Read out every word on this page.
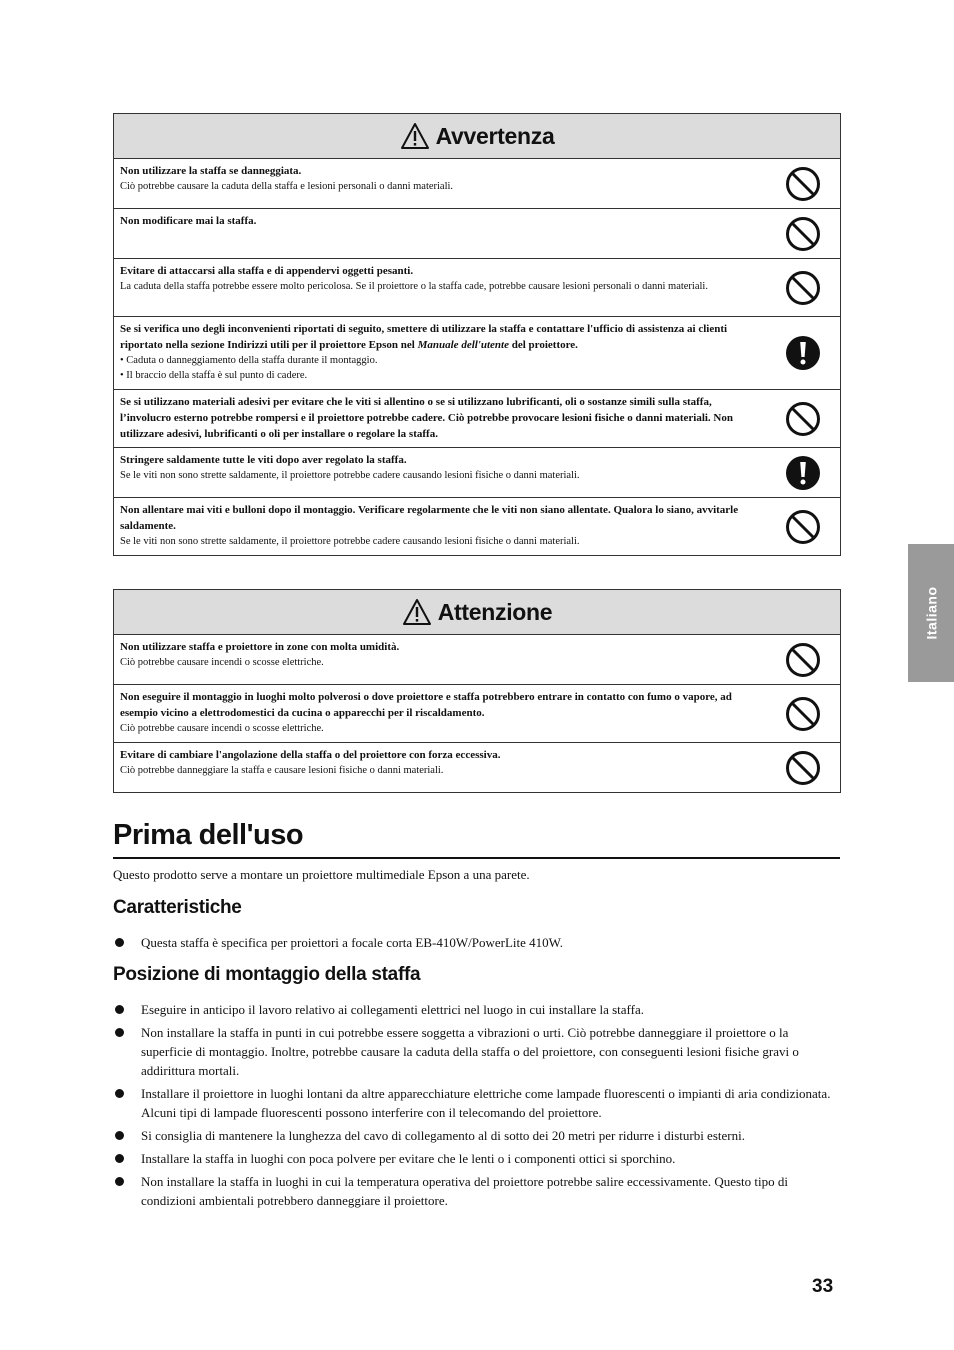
Avvertenza
Non utilizzare la staffa se danneggiata.
Ciò potrebbe causare la caduta della staffa e lesioni personali o danni materiali.
Non modificare mai la staffa.
Evitare di attaccarsi alla staffa e di appendervi oggetti pesanti.
La caduta della staffa potrebbe essere molto pericolosa. Se il proiettore o la staffa cade, potrebbe causare lesioni personali o danni materiali.
Se si verifica uno degli inconvenienti riportati di seguito, smettere di utilizzare la staffa e contattare l'ufficio di assistenza ai clienti riportato nella sezione Indirizzi utili per il proiettore Epson nel Manuale dell'utente del proiettore.
• Caduta o danneggiamento della staffa durante il montaggio.
• Il braccio della staffa è sul punto di cadere.
Se si utilizzano materiali adesivi per evitare che le viti si allentino o se si utilizzano lubrificanti, oli o sostanze simili sulla staffa, l’involucro esterno potrebbe rompersi e il proiettore potrebbe cadere. Ciò potrebbe provocare lesioni fisiche o danni materiali. Non utilizzare adesivi, lubrificanti o oli per installare o regolare la staffa.
Stringere saldamente tutte le viti dopo aver regolato la staffa.
Se le viti non sono strette saldamente, il proiettore potrebbe cadere causando lesioni fisiche o danni materiali.
Non allentare mai viti e bulloni dopo il montaggio. Verificare regolarmente che le viti non siano allentate. Qualora lo siano, avvitarle saldamente.
Se le viti non sono strette saldamente, il proiettore potrebbe cadere causando lesioni fisiche o danni materiali.
Attenzione
Non utilizzare staffa e proiettore in zone con molta umidità.
Ciò potrebbe causare incendi o scosse elettriche.
Non eseguire il montaggio in luoghi molto polverosi o dove proiettore e staffa potrebbero entrare in contatto con fumo o vapore, ad esempio vicino a elettrodomestici da cucina o apparecchi per il riscaldamento.
Ciò potrebbe causare incendi o scosse elettriche.
Evitare di cambiare l'angolazione della staffa o del proiettore con forza eccessiva.
Ciò potrebbe danneggiare la staffa e causare lesioni fisiche o danni materiali.
Italiano
Prima dell'uso
Questo prodotto serve a montare un proiettore multimediale Epson a una parete.
Caratteristiche
Questa staffa è specifica per proiettori a focale corta EB-410W/PowerLite 410W.
Posizione di montaggio della staffa
Eseguire in anticipo il lavoro relativo ai collegamenti elettrici nel luogo in cui installare la staffa.
Non installare la staffa in punti in cui potrebbe essere soggetta a vibrazioni o urti. Ciò potrebbe danneggiare il proiettore o la superficie di montaggio. Inoltre, potrebbe causare la caduta della staffa o del proiettore, con conseguenti lesioni fisiche gravi o addirittura mortali.
Installare il proiettore in luoghi lontani da altre apparecchiature elettriche come lampade fluorescenti o impianti di aria condizionata. Alcuni tipi di lampade fluorescenti possono interferire con il telecomando del proiettore.
Si consiglia di mantenere la lunghezza del cavo di collegamento al di sotto dei 20 metri per ridurre i disturbi esterni.
Installare la staffa in luoghi con poca polvere per evitare che le lenti o i componenti ottici si sporchino.
Non installare la staffa in luoghi in cui la temperatura operativa del proiettore potrebbe salire eccessivamente. Questo tipo di condizioni ambientali potrebbero danneggiare il proiettore.
33
